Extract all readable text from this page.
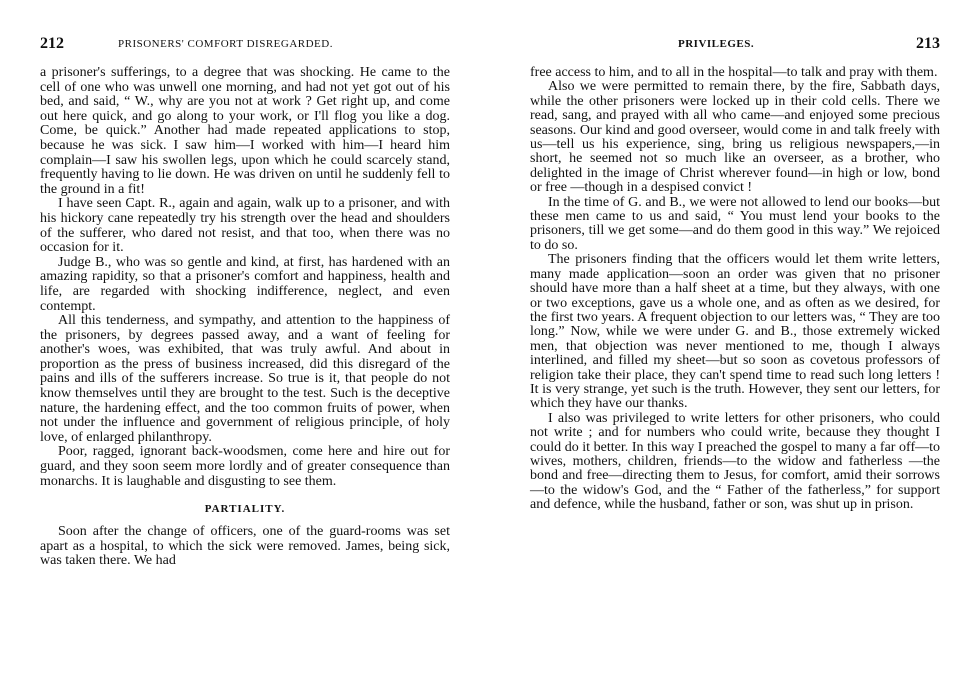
212	PRISONERS' COMFORT DISREGARDED.

a prisoner's sufferings, to a degree that was shocking. He came to the cell of one who was unwell one morning, and had not yet got out of his bed, and said, “ W., why are you not at work ? Get right up, and come out here quick, and go along to your work, or I'll flog you like a dog. Come, be quick.” Another had made repeated applications to stop, because he was sick. I saw him—I worked with him—I heard him complain—I saw his swollen legs, upon which he could scarcely stand, frequently having to lie down. He was driven on until he suddenly fell to the ground in a fit!

I have seen Capt. R., again and again, walk up to a prisoner, and with his hickory cane repeatedly try his strength over the head and shoulders of the sufferer, who dared not resist, and that too, when there was no occasion for it.

Judge B., who was so gentle and kind, at first, has hardened with an amazing rapidity, so that a prisoner's comfort and happiness, health and life, are regarded with shocking indifference, neglect, and even contempt.

All this tenderness, and sympathy, and attention to the happiness of the prisoners, by degrees passed away, and a want of feeling for another's woes, was exhibited, that was truly awful. And about in proportion as the press of business increased, did this disregard of the pains and ills of the sufferers increase. So true is it, that people do not know themselves until they are brought to the test. Such is the deceptive nature, the hardening effect, and the too common fruits of power, when not under the influence and government of religious principle, of holy love, of enlarged philanthropy.

Poor, ragged, ignorant back-woodsmen, come here and hire out for guard, and they soon seem more lordly and of greater consequence than monarchs. It is laughable and disgusting to see them.

PARTIALITY.

Soon after the change of officers, one of the guard-rooms was set apart as a hospital, to which the sick were removed. James, being sick, was taken there. We had

PRIVILEGES.	213

free access to him, and to all in the hospital—to talk and pray with them.

Also we were permitted to remain there, by the fire, Sabbath days, while the other prisoners were locked up in their cold cells. There we read, sang, and prayed with all who came—and enjoyed some precious seasons. Our kind and good overseer, would come in and talk freely with us—tell us his experience, sing, bring us religious newspapers,—in short, he seemed not so much like an overseer, as a brother, who delighted in the image of Christ wherever found—in high or low, bond or free —though in a despised convict !

In the time of G. and B., we were not allowed to lend our books—but these men came to us and said, “ You must lend your books to the prisoners, till we get some—and do them good in this way.” We rejoiced to do so.

The prisoners finding that the officers would let them write letters, many made application—soon an order was given that no prisoner should have more than a half sheet at a time, but they always, with one or two exceptions, gave us a whole one, and as often as we desired, for the first two years. A frequent objection to our letters was, “ They are too long.” Now, while we were under G. and B., those extremely wicked men, that objection was never mentioned to me, though I always interlined, and filled my sheet—but so soon as covetous professors of religion take their place, they can't spend time to read such long letters ! It is very strange, yet such is the truth. However, they sent our letters, for which they have our thanks.

I also was privileged to write letters for other prisoners, who could not write ; and for numbers who could write, because they thought I could do it better. In this way I preached the gospel to many a far off—to wives, mothers, children, friends—to the widow and fatherless —the bond and free—directing them to Jesus, for comfort, amid their sorrows—to the widow's God, and the “ Father of the fatherless,” for support and defence, while the husband, father or son, was shut up in prison.
